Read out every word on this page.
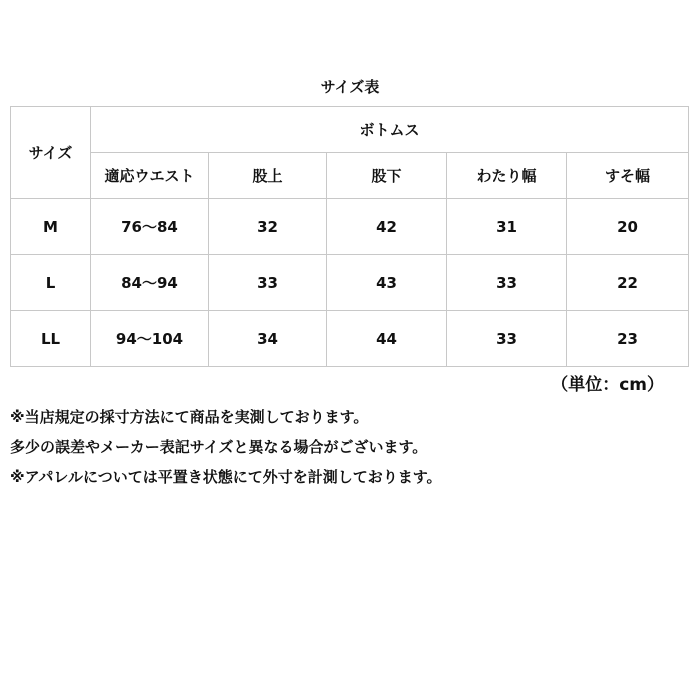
サイズ表
サイズ	ボトムス				
	適応ウエスト	股上	股下	わたり幅	すそ幅
M	76～84	32	42	31	20
L	84～94	33	43	33	22
LL	94～104	34	44	33	23
（単位：cm）
※当店規定の採寸方法にて商品を実測しております。
多少の誤差やメーカー表記サイズと異なる場合がございます。
※アパレルについては平置き状態にて外寸を計測しております。
